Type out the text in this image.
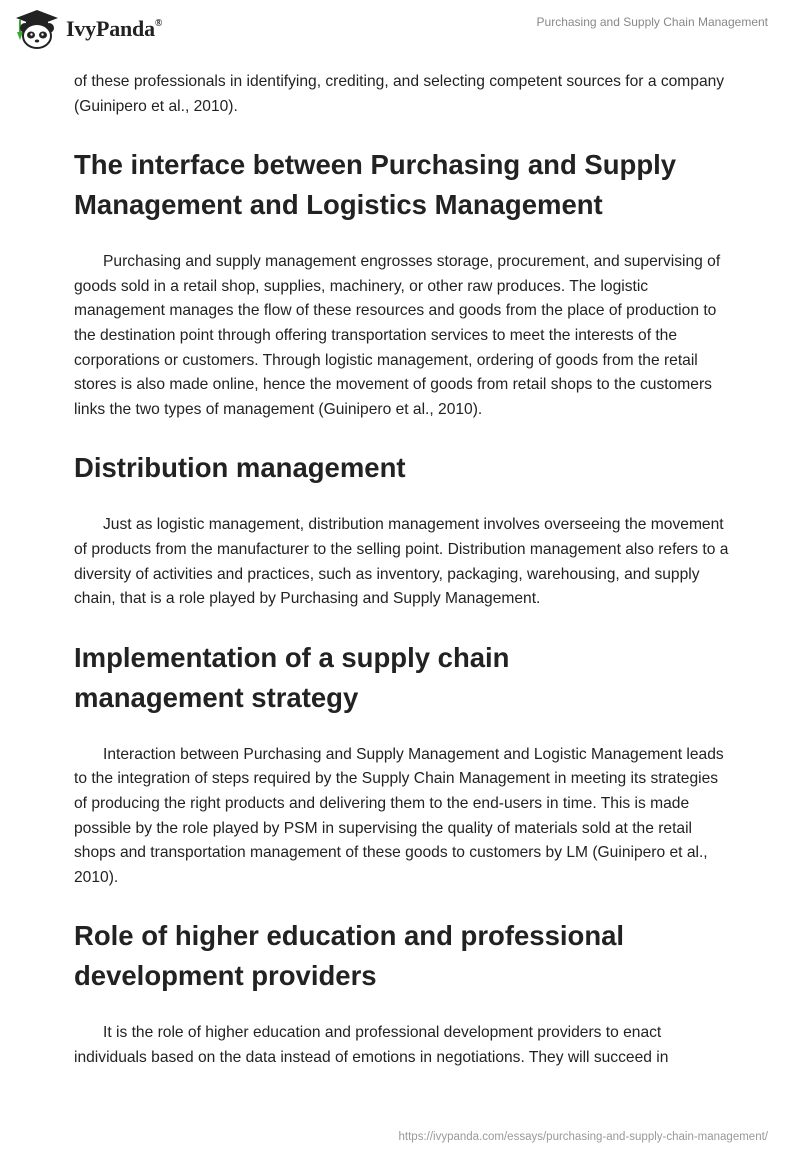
IvyPanda®	Purchasing and Supply Chain Management

of these professionals in identifying, crediting, and selecting competent sources for a company (Guinipero et al., 2010).

The interface between Purchasing and Supply Management and Logistics Management

Purchasing and supply management engrosses storage, procurement, and supervising of goods sold in a retail shop, supplies, machinery, or other raw produces. The logistic management manages the flow of these resources and goods from the place of production to the destination point through offering transportation services to meet the interests of the corporations or customers. Through logistic management, ordering of goods from the retail stores is also made online, hence the movement of goods from retail shops to the customers links the two types of management (Guinipero et al., 2010).

Distribution management

Just as logistic management, distribution management involves overseeing the movement of products from the manufacturer to the selling point. Distribution management also refers to a diversity of activities and practices, such as inventory, packaging, warehousing, and supply chain, that is a role played by Purchasing and Supply Management.

Implementation of a supply chain management strategy

Interaction between Purchasing and Supply Management and Logistic Management leads to the integration of steps required by the Supply Chain Management in meeting its strategies of producing the right products and delivering them to the end-users in time. This is made possible by the role played by PSM in supervising the quality of materials sold at the retail shops and transportation management of these goods to customers by LM (Guinipero et al., 2010).

Role of higher education and professional development providers

It is the role of higher education and professional development providers to enact individuals based on the data instead of emotions in negotiations. They will succeed in

https://ivypanda.com/essays/purchasing-and-supply-chain-management/
